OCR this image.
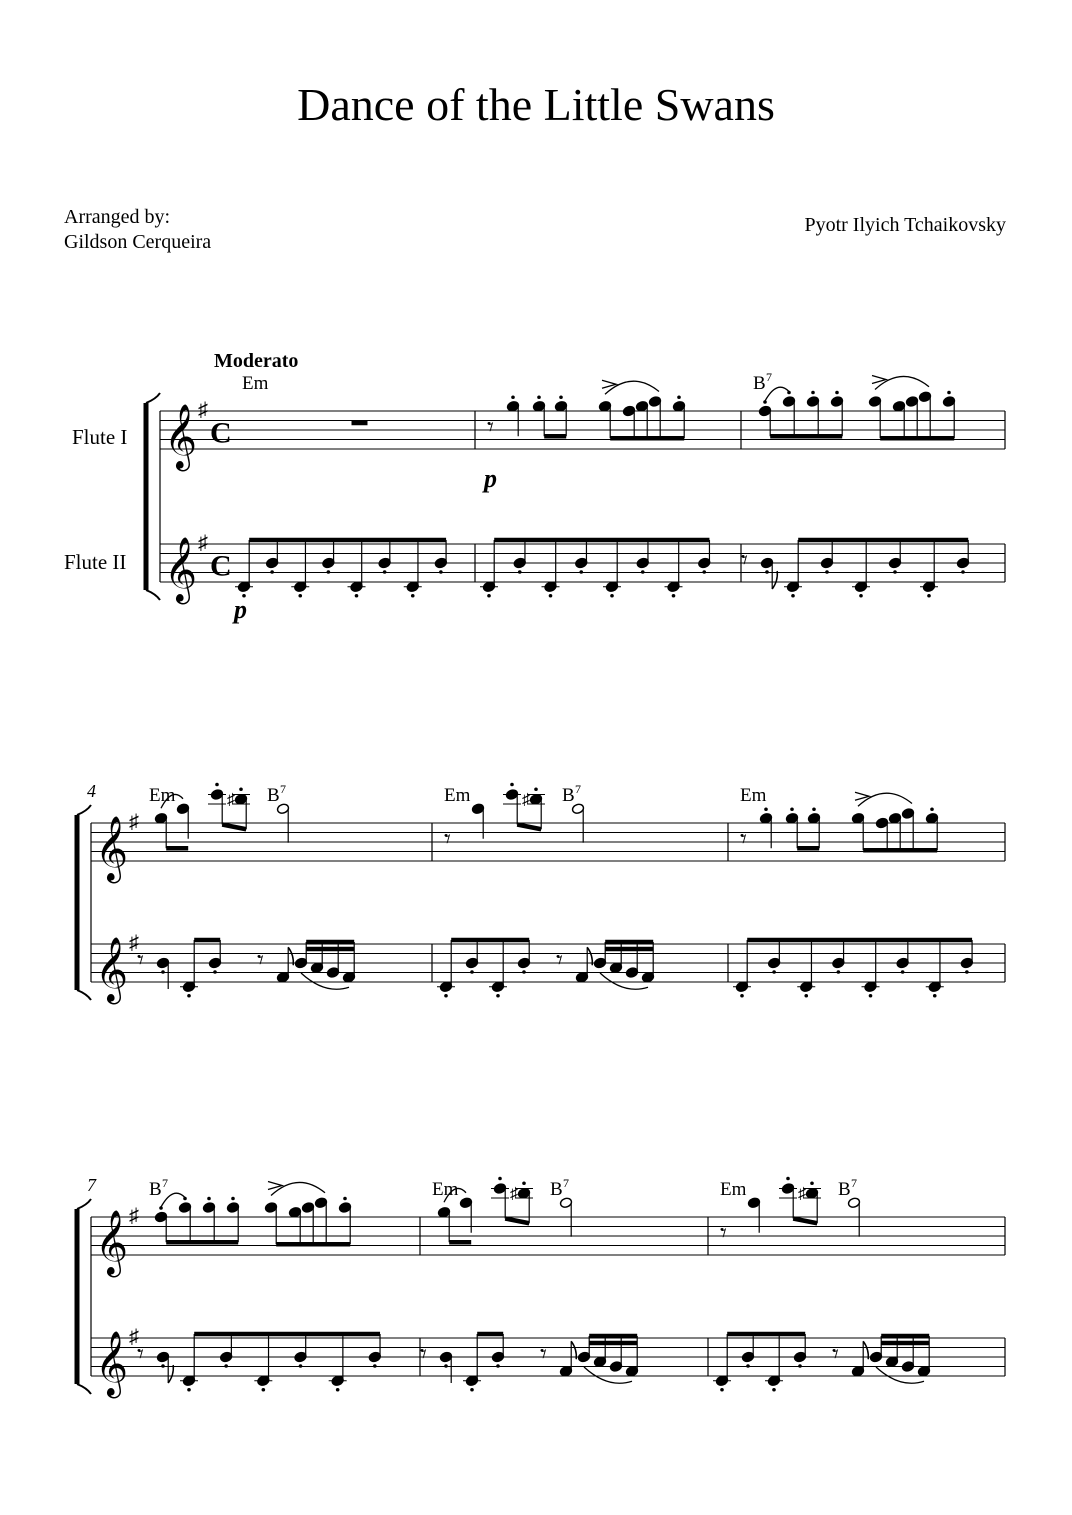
Dance of the Little Swans
Arranged by:
Gildson Cerqueira
Pyotr Ilyich Tchaikovsky
𝄞 ♯
C
𝄞 ♯
C
Em
𝄾
B 7
𝄾
Flute I
Flute II
Moderato
p
p
𝄞 ♯
𝄞 ♯
Em	B 7
♯
𝄾	𝄾
Em	B 7
𝄾
♯
𝄾
Em
𝄾
4
𝄞 ♯
𝄞 ♯
B 7
𝄾
Em	B 7
♯
𝄾	𝄾
Em	B 7
𝄾
♯
𝄾
7
